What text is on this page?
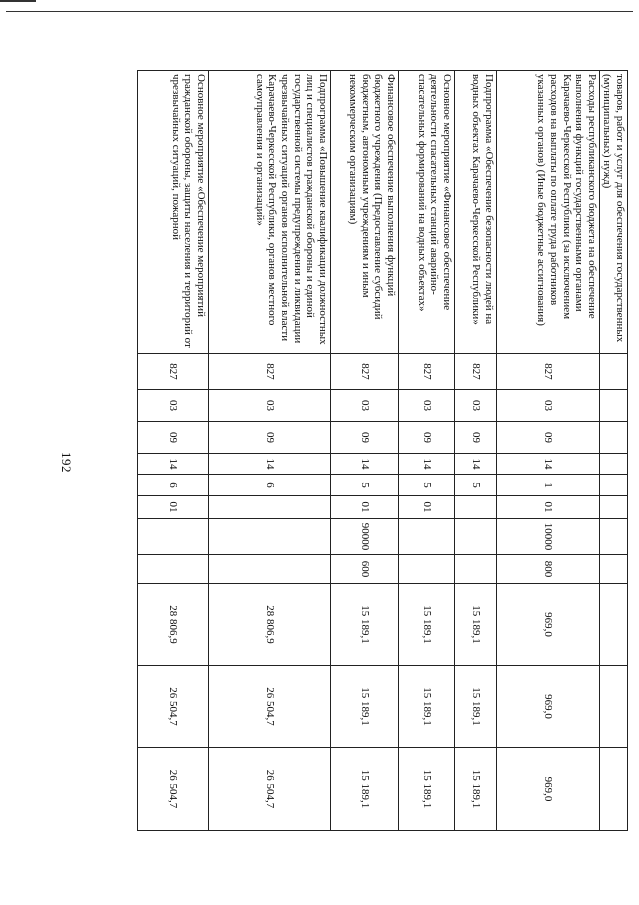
192
товаров, работ и услуг для обеспечения государственных (муниципальных) нужд)											
Расходы республиканского бюджета на обеспечение выполнения функций государственными органами Карачаево-Черкесской Республики (за исключением расходов на выплаты по оплате труда работников указанных органов) (Иные бюджетные ассигнования)	827	03	09	14	1	01	10000	800	969,0	969,0	969,0
Подпрограмма «Обеспечение безопасности людей на водных объектах Карачаево-Черкесской Республики»	827	03	09	14	5				15 189,1	15 189,1	15 189,1
Основное мероприятие «Финансовое обеспечение деятельности спасательных станций аварийно-спасательных формирований на водных объектах»	827	03	09	14	5	01			15 189,1	15 189,1	15 189,1
Финансовое обеспечение выполнения функций бюджетного учреждения (Предоставление субсидий бюджетным, автономным учреждениям и иным некоммерческим организациям)	827	03	09	14	5	01	90000	600	15 189,1	15 189,1	15 189,1
Подпрограмма «Повышение квалификации должностных лиц и специалистов гражданской обороны и единой государственной системы предупреждения и ликвидации чрезвычайных ситуаций органов исполнительной власти Карачаево-Черкесской Республики, органов местного самоуправления и организаций»	827	03	09	14	6				28 806,9	26 504,7	26 504,7
Основное мероприятие «Обеспечение мероприятий гражданской обороны, защиты населения и территорий от чрезвычайных ситуаций, пожарной	827	03	09	14	6	01			28 806,9	26 504,7	26 504,7
